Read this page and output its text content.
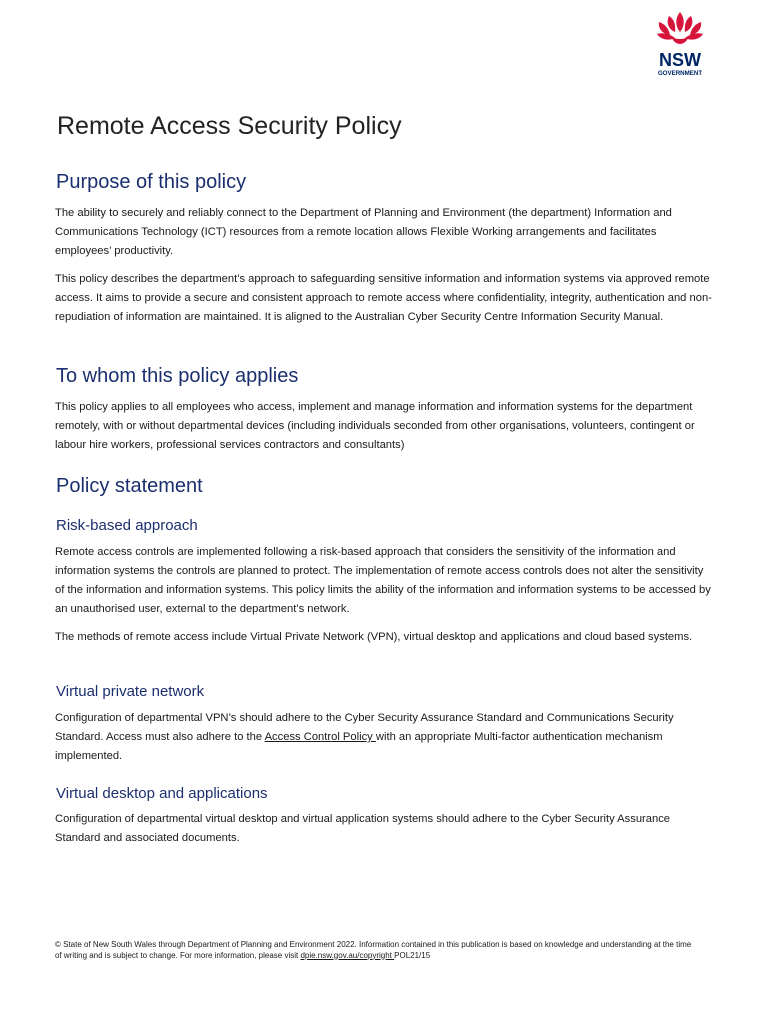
NSW
GOVERNMENT
Remote Access Security Policy
Purpose of this policy

The ability to securely and reliably connect to the Department of Planning and Environment (the department) Information and Communications Technology (ICT) resources from a remote location allows Flexible Working arrangements and facilitates employees’ productivity.

This policy describes the department’s approach to safeguarding sensitive information and information systems via approved remote access. It aims to provide a secure and consistent approach to remote access where confidentiality, integrity, authentication and non-repudiation of information are maintained. It is aligned to the Australian Cyber Security Centre Information Security Manual.

To whom this policy applies

This policy applies to all employees who access, implement and manage information and information systems for the department remotely, with or without departmental devices (including individuals seconded from other organisations, volunteers, contingent or labour hire workers, professional services contractors and consultants)

Policy statement
Risk-based approach

Remote access controls are implemented following a risk-based approach that considers the sensitivity of the information and information systems the controls are planned to protect. The implementation of remote access controls does not alter the sensitivity of the information and information systems. This policy limits the ability of the information and information systems to be accessed by an unauthorised user, external to the department’s network.

The methods of remote access include Virtual Private Network (VPN), virtual desktop and applications and cloud based systems.

Virtual private network

Configuration of departmental VPN’s should adhere to the Cyber Security Assurance Standard and Communications Security Standard. Access must also adhere to the Access Control Policy with an appropriate Multi-factor authentication mechanism implemented.

Virtual desktop and applications

Configuration of departmental virtual desktop and virtual application systems should adhere to the Cyber Security Assurance Standard and associated documents.

© State of New South Wales through Department of Planning and Environment 2022. Information contained in this publication is based on knowledge and understanding at the time of writing and is subject to change. For more information, please visit dpie.nsw.gov.au/copyright POL21/15
